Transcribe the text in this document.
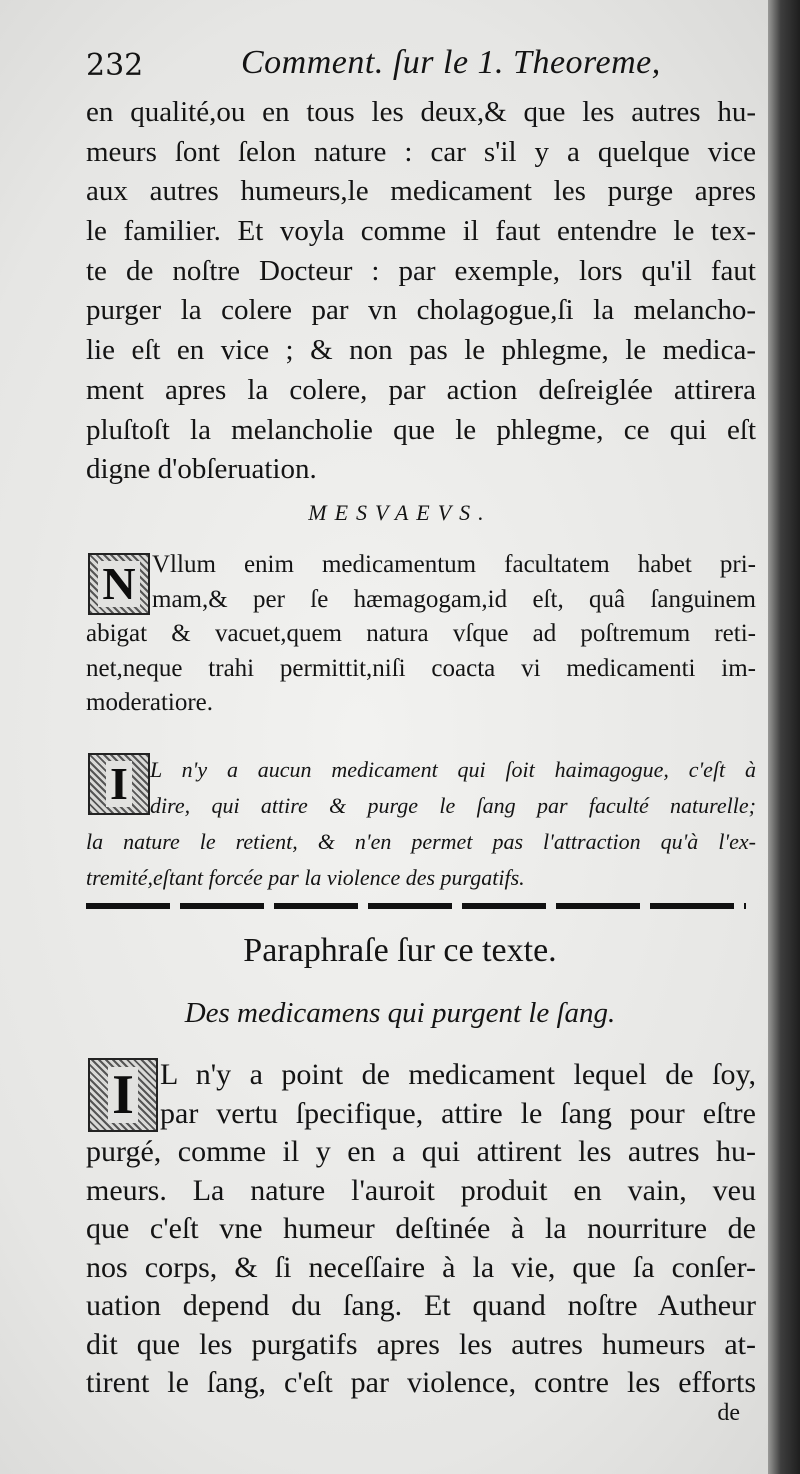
232	Comment. ſur le 1. Theoreme,
en qualité,ou en tous les deux,& que les autres hu-
meurs ſont ſelon nature : car s'il y a quelque vice
aux autres humeurs,le medicament les purge apres
le familier. Et voyla comme il faut entendre le tex-
te de noſtre Docteur : par exemple, lors qu'il faut
purger la colere par vn cholagogue,ſi la melancho-
lie eſt en vice ; & non pas le phlegme, le medica-
ment apres la colere, par action deſreiglée attirera
pluſtoſt la melancholie que le phlegme, ce qui eſt
digne d'obſeruation.
MESVAEVS.
N Vllum enim medicamentum facultatem habet pri-
mam,& per ſe hæmagogam,id eſt, quâ ſanguinem
abigat & vacuet,quem natura vſque ad poſtremum reti-
net,neque trahi permittit,niſi coacta vi medicamenti im-
moderatiore.
I	L n'y a aucun medicament qui ſoit haimagogue, c'eſt à
dire, qui attire & purge le ſang par faculté naturelle;
la nature le retient, & n'en permet pas l'attraction qu'à l'ex-
tremité,eſtant forcée par la violence des purgatifs.
Paraphraſe ſur ce texte.
Des medicamens qui purgent le ſang.
I L n'y a point de medicament lequel de ſoy,
par vertu ſpecifique, attire le ſang pour eſtre
purgé, comme il y en a qui attirent les autres hu-
meurs. La nature l'auroit produit en vain, veu
que c'eſt vne humeur deſtinée à la nourriture de
nos corps, & ſi neceſſaire à la vie, que ſa conſer-
uation depend du ſang. Et quand noſtre Autheur
dit que les purgatifs apres les autres humeurs at-
tirent le ſang, c'eſt par violence, contre les efforts
de
